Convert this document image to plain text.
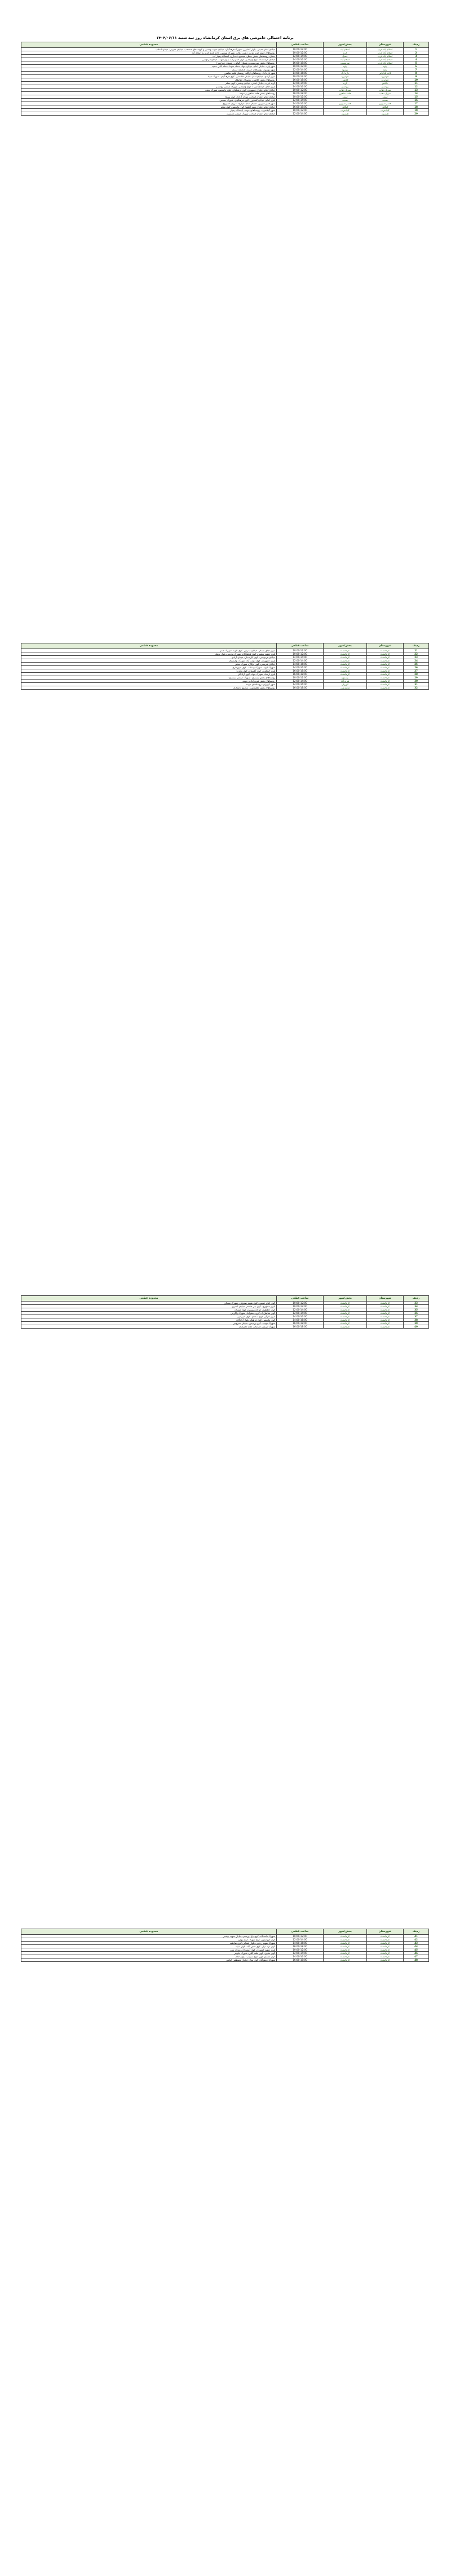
برنامه احتمالی خاموشی های برق استان کرمانشاه روز سه شنبه ۱۴۰۴/۰۶/۱۱
ردیف	شهرستان	بخش/شهر	ساعت قطعی	محدوده قطعی
1	اسلام آباد غرب	اسلام آباد	10:00-12:00	خیابان امام خمینی، بلوار کشاورز، شهرک فرهنگیان، خیابان شهید بهشتی و کوچه های منشعب، خیابان مدرس، میدان انقلاب
2	اسلام آباد غرب	کرند	10:00-12:00	روستاهای حومه کرند غرب، دشت ذهاب، شهرک صنعتی، جاده قدیم کرند به اسلام آباد
3	اسلام آباد غرب	حمیل	12:00-14:00	حمیل، روستاهای بخش حمیل، مجتمع دامداری، ایستگاه پمپاژ آب
4	اسلام آباد غرب	اسلام آباد	14:00-16:00	خیابان کرمانشاه، کوی ولیعصر، کوی امام رضا، بلوار شهدا، خیابان فردوسی
5	اسلام آباد غرب	سرمست	16:00-18:00	روستاهای بخش سرمست، روستای گواور، روستای چقا سرخ
6	پاوه	پاوه	10:00-12:00	شهر پاوه، خیابان امام، خیابان جهاد، محله شهدا، محله کانی سفید
7	پاوه	نوسود	12:00-14:00	شهر نوسود، روستاهای حومه، بازارچه مرزی
8	ثلاث باباجانی	تازه آباد	14:00-16:00	شهر تازه آباد، روستاهای ازگله، روستای قلعه شاهین
9	جوانرود	جوانرود	10:00-12:00	بلوار آزادی، خیابان امام، خیابان طالقانی، کوی فرهنگیان، شهرک جهاد
10	جوانرود	کلاشی	16:00-18:00	روستاهای بخش کلاشی، روستای چقاملک
11	دالاهو	کرند	12:00-14:00	کرند غرب، خیابان اصلی، خیابان بهشتی، کوی معلم
12	روانسر	روانسر	14:00-16:00	بلوار امام، خیابان شهدا، کوی ولیعصر، شهرک صنعتی روانسر
13	سرپل ذهاب	سرپل ذهاب	10:00-12:00	خیابان امام، خیابان جمهوری، کوی فرهنگیان، بلوار ولیعصر، شهرک بعثت
14	سرپل ذهاب	قلعه شاهین	16:00-18:00	روستاهای بخش قلعه شاهین و حومه
15	سنقر	سنقر	10:00-12:00	خیابان امام، خیابان انقلاب، میدان آزادی، کوی بسیج
16	صحنه	صحنه	12:00-14:00	بلوار امام، خیابان کشاورز، کوی فرهنگیان، شهرک صنعتی
17	قصر شیرین	قصر شیرین	14:00-16:00	شهر قصر شیرین، خیابان امام، بازارچه مرزی خسروی
18	کنگاور	کنگاور	16:00-18:00	خیابان امام، خیابان معبد آناهیتا، کوی ولیعصر، کوی معلم
19	گیلانغرب	گیلانغرب	10:00-12:00	شهر گیلانغرب، روستاهای حومه، ایستگاه پمپاژ
20	هرسین	هرسین	12:00-14:00	خیابان امام، خیابان انقلاب، شهرک صنعتی هرسین
ردیف	شهرستان	بخش/شهر	ساعت قطعی	محدوده قطعی
21	کرمانشاه	کرمانشاه	10:00-12:00	بلوار طاق بستان، خیابان مدرس، کوی الهیه، شهرک ظفر
22	کرمانشاه	کرمانشاه	10:00-12:00	بلوار شهید بهشتی، کوی فرهنگیان، شهرک پردیس، بلوار نوبهار
23	کرمانشاه	کرمانشاه	12:00-14:00	خیابان فردوسی، کوی کارمندان، میدان آزادی
24	کرمانشاه	کرمانشاه	12:00-14:00	بلوار جمهوری، کوی دولت آباد، شهرک بهارستان
25	کرمانشاه	کرمانشاه	14:00-16:00	خیابان شریعتی، کوی نوکان، شهرک معلم
26	کرمانشاه	کرمانشاه	14:00-16:00	شهرک الهیه، شهرک رسالت، کوی شهرداری
27	کرمانشاه	کرمانشاه	16:00-18:00	بلوار کشاورز، کوی گلستان، کوی وحدت
28	کرمانشاه	کرمانشاه	16:00-18:00	بلوار ارشاد، شهرک جهاد، کوی آزادگان
29	کرمانشاه	بیستون	10:00-12:00	روستاهای بخش بیستون، شهرک صنعتی بیستون
30	کرمانشاه	فیروزآباد	12:00-14:00	روستاهای بخش فیروزآباد و حومه
31	کرمانشاه	کوزران	14:00-16:00	شهر کوزران، روستاهای حومه
32	کرمانشاه	ماهیدشت	16:00-18:00	روستاهای بخش ماهیدشت، مجتمع دامداری
ردیف	شهرستان	بخش/شهر	ساعت قطعی	محدوده قطعی
33	کرمانشاه	کرمانشاه	10:00-12:00	کوی امام خمینی، کوی شهید صدوقی، شهرک مسکن
34	کرمانشاه	کرمانشاه	10:00-12:00	بلوار مطهری، کوی بنی هاشم، خیابان کسری
35	کرمانشاه	کرمانشاه	12:00-14:00	کوی حافظیه، خیابان بیستون، کوی چمران
36	کرمانشاه	کرمانشاه	12:00-14:00	کوی شاطرآباد، کوی جعفرآباد، شهرک زاگرس
37	کرمانشاه	کرمانشاه	14:00-16:00	بلوار کارگر، کوی سعدی، کوی امیرکبیر
38	کرمانشاه	کرمانشاه	14:00-16:00	کوی ولیعصر، کوی فرهنگ، بلوار آزادگان
39	کرمانشاه	کرمانشاه	16:00-18:00	شهرک مهدیه، کوی پردیس، خیابان سیروس
40	کرمانشاه	کرمانشاه	16:00-18:00	شهرک صنعتی فرامان، جاده کامیاران
ردیف	شهرستان	بخش/شهر	ساعت قطعی	محدوده قطعی
41	کرمانشاه	کرمانشاه	10:00-12:00	شهرک دانشگاه، کوی باغ ابریشم، خیابان شهید بهشتی
42	کرمانشاه	کرمانشاه	12:00-14:00	کوی کیهانشهر، کوی شهیاد، کوی بهمن
43	کرمانشاه	کرمانشاه	14:00-16:00	شهرک شهید رجایی، بلوار عشایر، کوی صادقیه
44	کرمانشاه	کرمانشاه	16:00-18:00	کوی دره دراز، کوی فیض آباد، بلوار سپاه
45	کرمانشاه	کرمانشاه	10:00-12:00	بلوار شهید کشوری، کوی آبشوران، میدان نفت
46	کرمانشاه	کرمانشاه	12:00-14:00	کوی تعاون، کوی قلعه گلین، شهرک نیلوفر
47	کرمانشاه	کرمانشاه	14:00-16:00	کوی مسکن مهر، کوی سرتپ، بلوار امام
48	کرمانشاه	کرمانشاه	16:00-18:00	شهرک جعفرآباد، کوی بنیاد، خیابان مصطفی امامی
